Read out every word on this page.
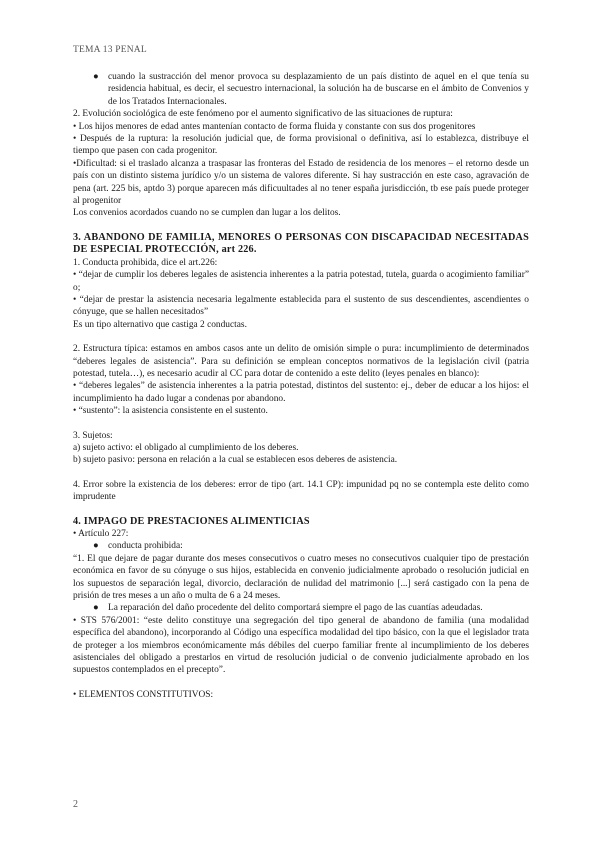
TEMA 13 PENAL

● cuando la sustracción del menor provoca su desplazamiento de un país distinto de aquel en el que tenía su residencia habitual, es decir, el secuestro internacional, la solución ha de buscarse en el ámbito de Convenios y de los Tratados Internacionales.

2. Evolución sociológica de este fenómeno por el aumento significativo de las situaciones de ruptura:

• Los hijos menores de edad antes mantenían contacto de forma fluida y constante con sus dos progenitores

• Después de la ruptura: la resolución judicial que, de forma provisional o definitiva, así lo establezca, distribuye el tiempo que pasen con cada progenitor.

•Dificultad: si el traslado alcanza a traspasar las fronteras del Estado de residencia de los menores – el retorno desde un país con un distinto sistema jurídico y/o un sistema de valores diferente. Si hay sustracción en este caso, agravación de pena (art. 225 bis, aptdo 3) porque aparecen más dificuultades al no tener españa jurisdicción, tb ese país puede proteger al progenitor

Los convenios acordados cuando no se cumplen dan lugar a los delitos.

3. ABANDONO DE FAMILIA, MENORES O PERSONAS CON DISCAPACIDAD NECESITADAS DE ESPECIAL PROTECCIÓN, art 226.

1. Conducta prohibida, dice el art.226:

• “dejar de cumplir los deberes legales de asistencia inherentes a la patria potestad, tutela, guarda o acogimiento familiar” o;

• “dejar de prestar la asistencia necesaria legalmente establecida para el sustento de sus descendientes, ascendientes o cónyuge, que se hallen necesitados”

Es un tipo alternativo que castiga 2 conductas.

2. Estructura típica: estamos en ambos casos ante un delito de omisión simple o pura: incumplimiento de determinados “deberes legales de asistencia”. Para su definición se emplean conceptos normativos de la legislación civil (patria potestad, tutela…), es necesario acudir al CC para dotar de contenido a este delito (leyes penales en blanco):

• “deberes legales” de asistencia inherentes a la patria potestad, distintos del sustento: ej., deber de educar a los hijos: el incumplimiento ha dado lugar a condenas por abandono.

• “sustento”: la asistencia consistente en el sustento.

3. Sujetos:

a) sujeto activo: el obligado al cumplimiento de los deberes.

b) sujeto pasivo: persona en relación a la cual se establecen esos deberes de asistencia.

4. Error sobre la existencia de los deberes: error de tipo (art. 14.1 CP): impunidad pq no se contempla este delito como imprudente

4. IMPAGO DE PRESTACIONES ALIMENTICIAS

• Artículo 227:

● conducta prohibida:

“1. El que dejare de pagar durante dos meses consecutivos o cuatro meses no consecutivos cualquier tipo de prestación económica en favor de su cónyuge o sus hijos, establecida en convenio judicialmente aprobado o resolución judicial en los supuestos de separación legal, divorcio, declaración de nulidad del matrimonio [...] será castigado con la pena de prisión de tres meses a un año o multa de 6 a 24 meses.

● La reparación del daño procedente del delito comportará siempre el pago de las cuantías adeudadas.

• STS 576/2001: “este delito constituye una segregación del tipo general de abandono de familia (una modalidad específica del abandono), incorporando al Código una específica modalidad del tipo básico, con la que el legislador trata de proteger a los miembros económicamente más débiles del cuerpo familiar frente al incumplimiento de los deberes asistenciales del obligado a prestarlos en virtud de resolución judicial o de convenio judicialmente aprobado en los supuestos contemplados en el precepto”.

• ELEMENTOS CONSTITUTIVOS:

2
